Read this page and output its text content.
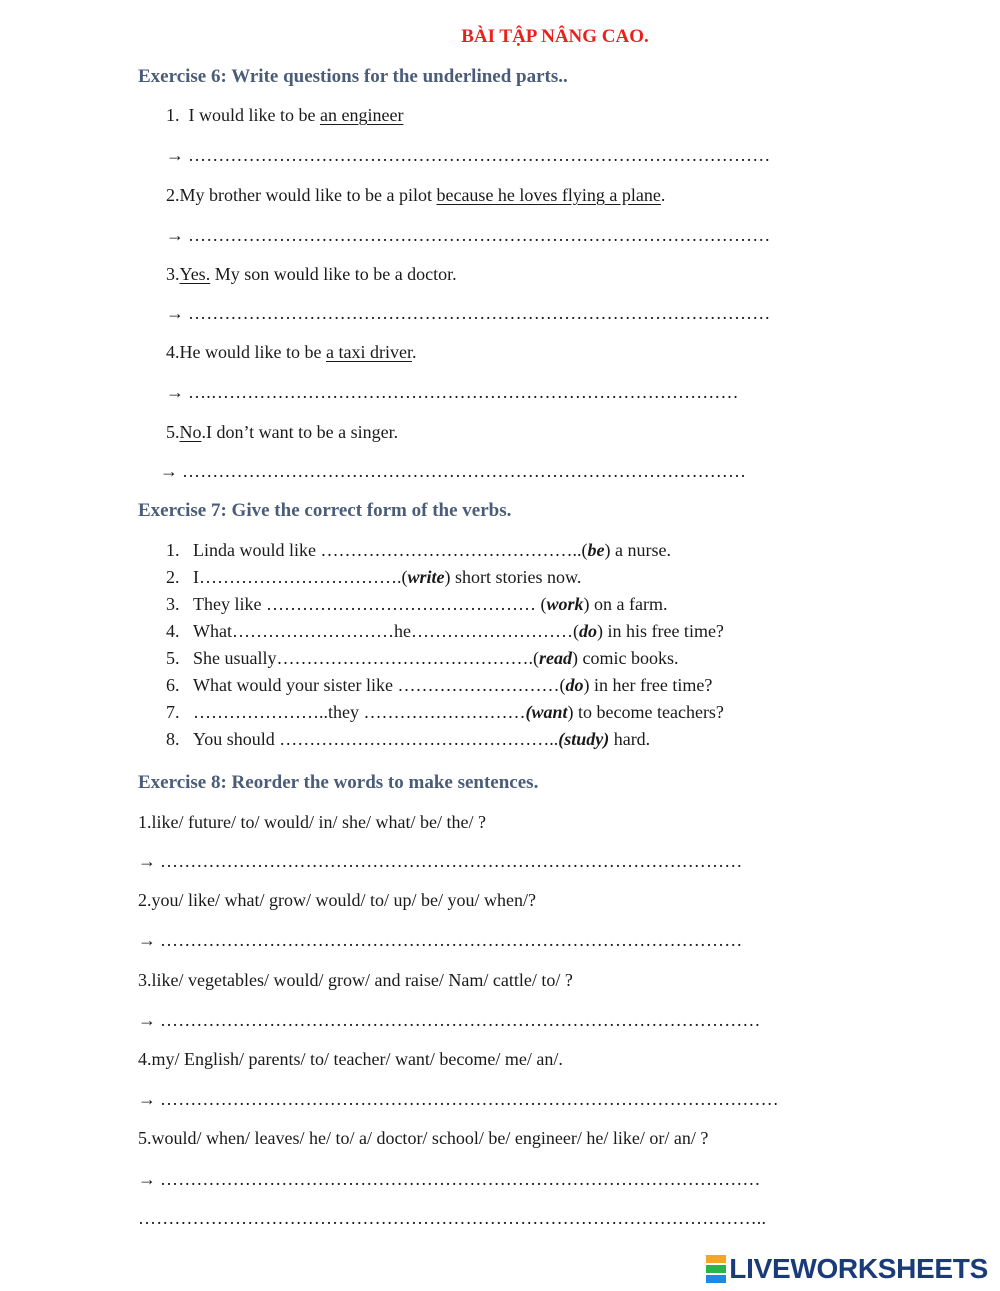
BÀI TẬP NÂNG CAO.
Exercise 6: Write questions for the underlined parts..
1. I would like to be an engineer
→ ……………………………………………………………………………………
2.My brother would like to be a pilot because he loves flying a plane.
→ ……………………………………………………………………………………
3.Yes. My son would like to be a doctor.
→ ……………………………………………………………………………………
4.He would like to be a taxi driver.
→ ….……………………………………………………………………………
5.No.I don’t want to be a singer.
→ …………………………………………………………………………………
Exercise 7: Give the correct form of the verbs.
1. Linda would like ……………………………………..(be) a nurse.
2. I…………………………….(write) short stories now.
3. They like ……………………………………… (work) on a farm.
4. What………………………he………………………(do) in his free time?
5. She usually…………………………………….(read) comic books.
6. What would your sister like ………………………(do) in her free time?
7. …………………..they ………………………(want) to become teachers?
8. You should ………………………………………..(study) hard.
Exercise 8: Reorder the words to make sentences.
1.like/ future/ to/ would/ in/ she/ what/ be/ the/ ?
→ ……………………………………………………………………………………
2.you/ like/ what/ grow/ would/ to/ up/ be/ you/ when/?
→ ……………………………………………………………………………………
3.like/ vegetables/ would/ grow/ and raise/ Nam/ cattle/ to/ ?
→ ………………………………………………………………………………………
4.my/ English/ parents/ to/ teacher/ want/ become/ me/ an/.
→ …………………………………………………………………………………………
5.would/ when/ leaves/ he/ to/ a/ doctor/ school/ be/ engineer/ he/ like/ or/ an/ ?
→ ………………………………………………………………………………………
…………………………………………………………………………………………..
LIVEWORKSHEETS
